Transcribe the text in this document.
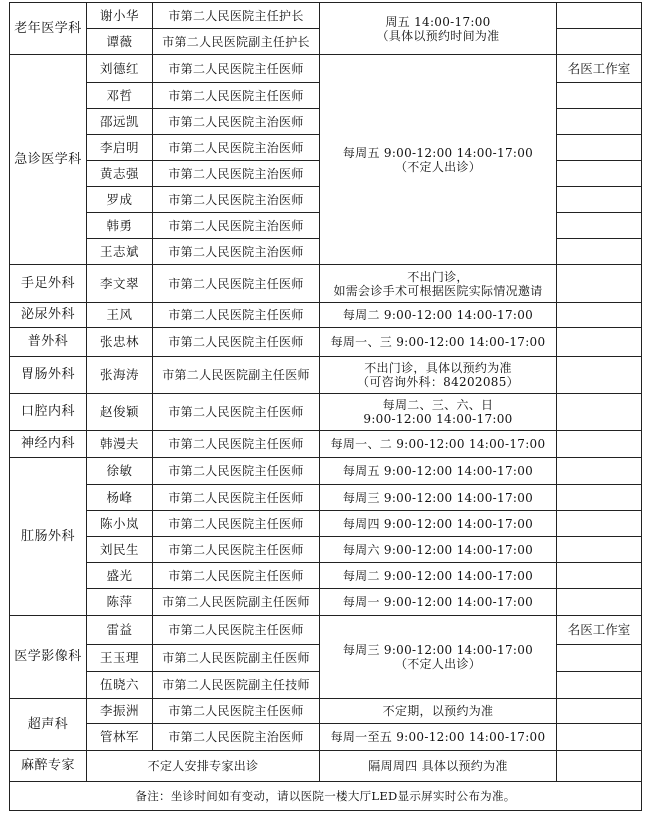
老年医学科	谢小华	市第二人民医院主任护长	周五 14:00-17:00
（具体以预约时间为准	

	谭薇	市第二人民医院副主任护长		
急诊医学科	刘德红	市第二人民医院主任医师	每周五 9:00-12:00 14:00-17:00
（不定人出诊）	名医工作室
	邓哲	市第二人民医院主任医师		
	邵远凯	市第二人民医院主治医师		
	李启明	市第二人民医院主治医师		
	黄志强	市第二人民医院主治医师		
	罗成	市第二人民医院主治医师		
	韩勇	市第二人民医院主治医师		
	王志斌	市第二人民医院主治医师		
手足外科	李文翠	市第二人民医院主任医师	不出门诊，
如需会诊手术可根据医院实际情况邀请	

泌尿外科	王风	市第二人民医院主任医师	每周二 9:00-12:00 14:00-17:00	

普外科	张忠林	市第二人民医院主任医师	每周一、三 9:00-12:00 14:00-17:00	

胃肠外科	张海涛	市第二人民医院副主任医师	不出门诊，具体以预约为准
（可咨询外科：84202085）	

口腔内科	赵俊颖	市第二人民医院主任医师	每周二、三、六、日
9:00-12:00 14:00-17:00	

神经内科	韩漫夫	市第二人民医院主任医师	每周一、二 9:00-12:00 14:00-17:00	

肛肠外科	徐敏	市第二人民医院主任医师	每周五 9:00-12:00 14:00-17:00	
	杨峰	市第二人民医院主任医师	每周三 9:00-12:00 14:00-17:00	
	陈小岚	市第二人民医院主任医师	每周四 9:00-12:00 14:00-17:00	
	刘民生	市第二人民医院主任医师	每周六 9:00-12:00 14:00-17:00	
	盛光	市第二人民医院主任医师	每周二 9:00-12:00 14:00-17:00	
	陈萍	市第二人民医院副主任医师	每周一 9:00-12:00 14:00-17:00	
医学影像科	雷益	市第二人民医院主任医师	每周三 9:00-12:00 14:00-17:00
（不定人出诊）	名医工作室
	王玉理	市第二人民医院副主任医师		
	伍晓六	市第二人民医院副主任技师		
超声科	李振洲	市第二人民医院主任医师	不定期，以预约为准	
	管林军	市第二人民医院主治医师	每周一至五 9:00-12:00 14:00-17:00	
麻醉专家	不定人安排专家出诊		隔周周四 具体以预约为准	
备注：坐诊时间如有变动，请以医院一楼大厅LED显示屏实时公布为准。				
